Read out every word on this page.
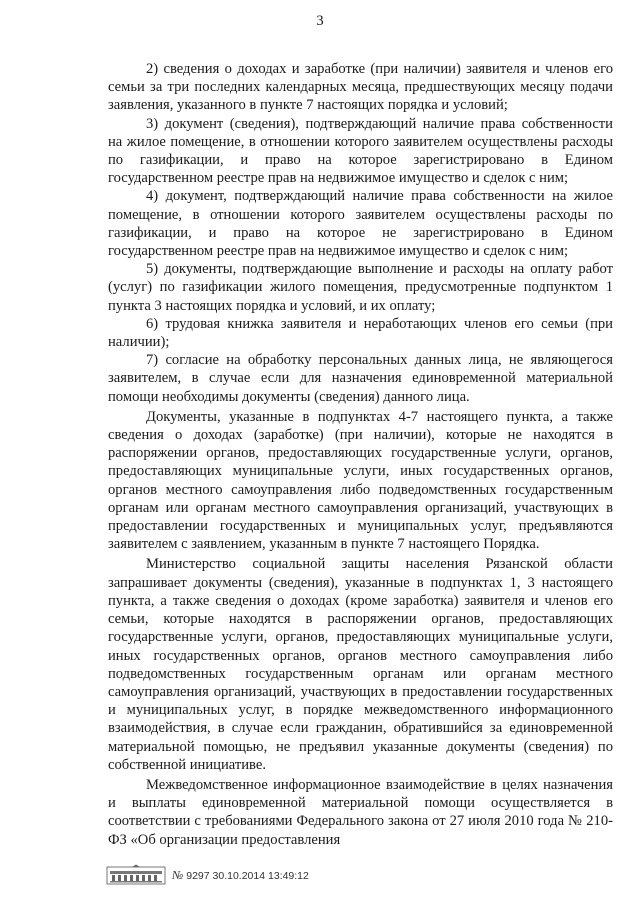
3

2) сведения о доходах и заработке (при наличии) заявителя и членов его семьи за три последних календарных месяца, предшествующих месяцу подачи заявления, указанного в пункте 7 настоящих порядка и условий;

3) документ (сведения), подтверждающий наличие права собственности на жилое помещение, в отношении которого заявителем осуществлены расходы по газификации, и право на которое зарегистрировано в Едином государственном реестре прав на недвижимое имущество и сделок с ним;

4) документ, подтверждающий наличие права собственности на жилое помещение, в отношении которого заявителем осуществлены расходы по газификации, и право на которое не зарегистрировано в Едином государственном реестре прав на недвижимое имущество и сделок с ним;

5) документы, подтверждающие выполнение и расходы на оплату работ (услуг) по газификации жилого помещения, предусмотренные подпунктом 1 пункта 3 настоящих порядка и условий, и их оплату;

6) трудовая книжка заявителя и неработающих членов его семьи (при наличии);

7) согласие на обработку персональных данных лица, не являющегося заявителем, в случае если для назначения единовременной материальной помощи необходимы документы (сведения) данного лица.

Документы, указанные в подпунктах 4-7 настоящего пункта, а также сведения о доходах (заработке) (при наличии), которые не находятся в распоряжении органов, предоставляющих государственные услуги, органов, предоставляющих муниципальные услуги, иных государственных органов, органов местного самоуправления либо подведомственных государственным органам или органам местного самоуправления организаций, участвующих в предоставлении государственных и муниципальных услуг, предъявляются заявителем с заявлением, указанным в пункте 7 настоящего Порядка.

Министерство социальной защиты населения Рязанской области запрашивает документы (сведения), указанные в подпунктах 1, 3 настоящего пункта, а также сведения о доходах (кроме заработка) заявителя и членов его семьи, которые находятся в распоряжении органов, предоставляющих государственные услуги, органов, предоставляющих муниципальные услуги, иных государственных органов, органов местного самоуправления либо подведомственных государственным органам или органам местного самоуправления организаций, участвующих в предоставлении государственных и муниципальных услуг, в порядке межведомственного информационного взаимодействия, в случае если гражданин, обратившийся за единовременной материальной помощью, не предъявил указанные документы (сведения) по собственной инициативе.

Межведомственное информационное взаимодействие в целях назначения и выплаты единовременной материальной помощи осуществляется в соответствии с требованиями Федерального закона от 27 июля 2010 года № 210-ФЗ «Об организации предоставления

№ 9297 30.10.2014 13:49:12
